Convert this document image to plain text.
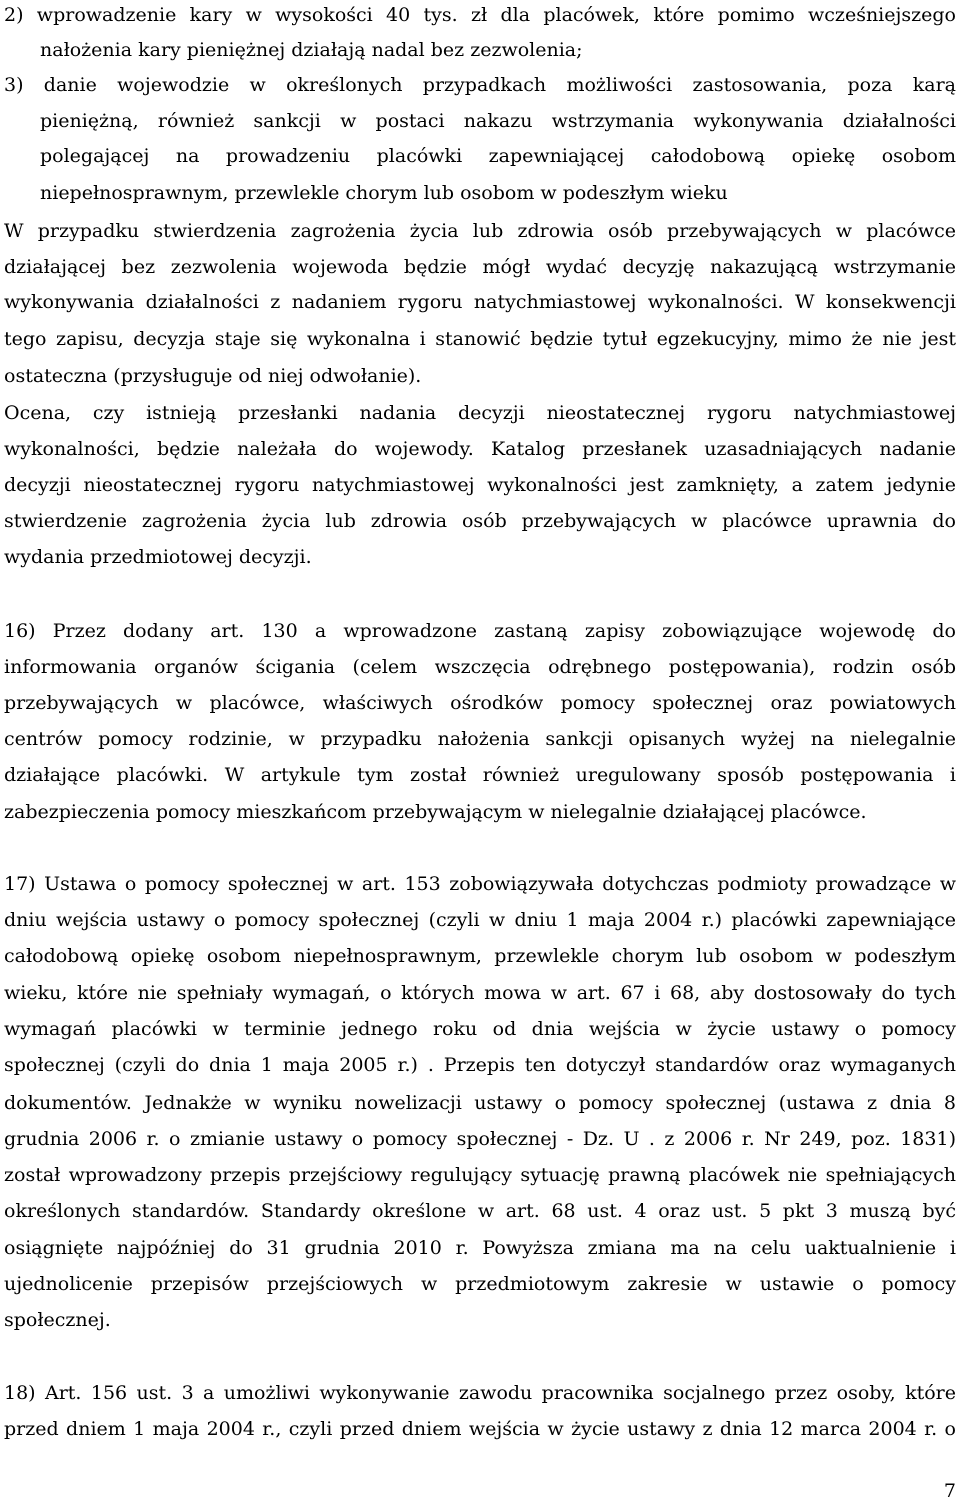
2) wprowadzenie kary w wysokości 40 tys. zł dla placówek, które pomimo wcześniejszego
nałożenia kary pieniężnej działają nadal bez zezwolenia;
3) danie wojewodzie w określonych przypadkach możliwości zastosowania, poza karą
pieniężną, również sankcji w postaci nakazu wstrzymania wykonywania działalności
polegającej na prowadzeniu placówki zapewniającej całodobową opiekę osobom
niepełnosprawnym, przewlekle chorym lub osobom w podeszłym wieku
W przypadku stwierdzenia zagrożenia życia lub zdrowia osób przebywających w placówce
działającej bez zezwolenia wojewoda będzie mógł wydać decyzję nakazującą wstrzymanie
wykonywania działalności z nadaniem rygoru natychmiastowej wykonalności. W konsekwencji
tego zapisu, decyzja staje się wykonalna i stanowić będzie tytuł egzekucyjny, mimo że nie jest
ostateczna (przysługuje od niej odwołanie).
Ocena, czy istnieją przesłanki nadania decyzji nieostatecznej rygoru natychmiastowej
wykonalności, będzie należała do wojewody. Katalog przesłanek uzasadniających nadanie
decyzji nieostatecznej rygoru natychmiastowej wykonalności jest zamknięty, a zatem jedynie
stwierdzenie zagrożenia życia lub zdrowia osób przebywających w placówce uprawnia do
wydania przedmiotowej decyzji.
16) Przez dodany art. 130 a wprowadzone zastaną zapisy zobowiązujące wojewodę do
informowania organów ścigania (celem wszczęcia odrębnego postępowania), rodzin osób
przebywających w placówce, właściwych ośrodków pomocy społecznej oraz powiatowych
centrów pomocy rodzinie, w przypadku nałożenia sankcji opisanych wyżej na nielegalnie
działające placówki. W artykule tym został również uregulowany sposób postępowania i
zabezpieczenia pomocy mieszkańcom przebywającym w nielegalnie działającej placówce.
17) Ustawa o pomocy społecznej w art. 153 zobowiązywała dotychczas podmioty prowadzące w
dniu wejścia ustawy o pomocy społecznej (czyli w dniu 1 maja 2004 r.) placówki zapewniające
całodobową opiekę osobom niepełnosprawnym, przewlekle chorym lub osobom w podeszłym
wieku, które nie spełniały wymagań, o których mowa w art. 67 i 68, aby dostosowały do tych
wymagań placówki w terminie jednego roku od dnia wejścia w życie ustawy o pomocy
społecznej (czyli do dnia 1 maja 2005 r.) . Przepis ten dotyczył standardów oraz wymaganych
dokumentów. Jednakże w wyniku nowelizacji ustawy o pomocy społecznej (ustawa z dnia 8
grudnia 2006 r. o zmianie ustawy o pomocy społecznej - Dz. U . z 2006 r. Nr 249, poz. 1831)
został wprowadzony przepis przejściowy regulujący sytuację prawną placówek nie spełniających
określonych standardów. Standardy określone w art. 68 ust. 4 oraz ust. 5 pkt 3 muszą być
osiągnięte najpóźniej do 31 grudnia 2010 r. Powyższa zmiana ma na celu uaktualnienie i
ujednolicenie przepisów przejściowych w przedmiotowym zakresie w ustawie o pomocy
społecznej.
18) Art. 156 ust. 3 a umożliwi wykonywanie zawodu pracownika socjalnego przez osoby, które
przed dniem 1 maja 2004 r., czyli przed dniem wejścia w życie ustawy z dnia 12 marca 2004 r. o
7
